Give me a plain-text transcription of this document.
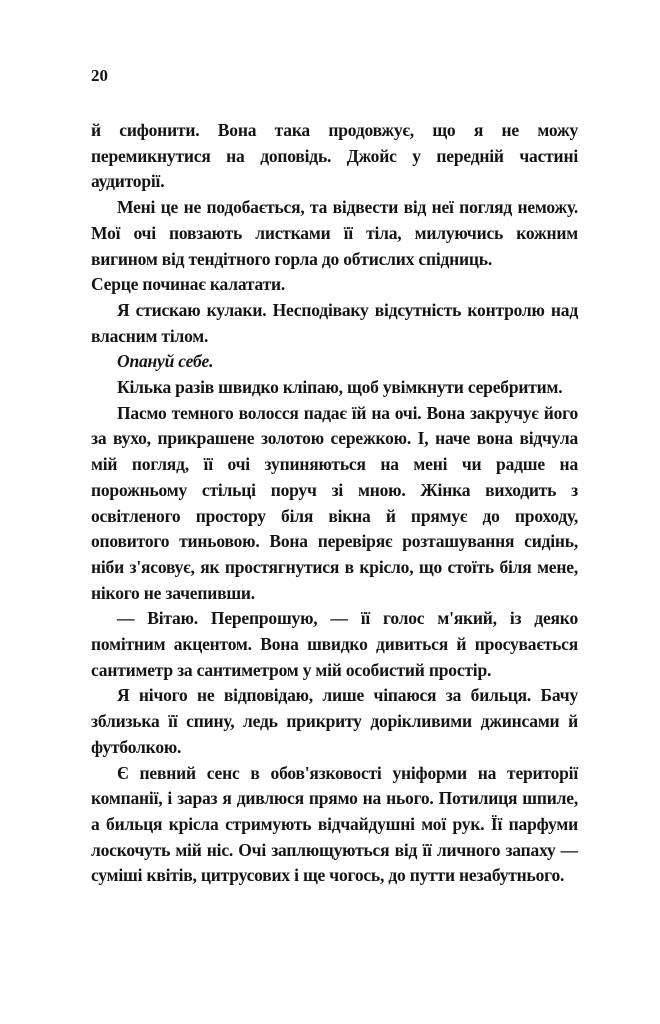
20

й сифонити. Вона така продовжує, що я не можу перемикнутися на доповідь. Джойс у передній частині аудиторії.

Мені це не подобається, та відвести від неї погляд неможу. Мої очі повзають листками її тіла, милуючись кожним вигином від тендітного горла до обтислих спідниць.

Серце починає калатати.

Я стискаю кулаки. Несподіваку відсутність контролю над власним тілом.

Опануй себе.

Кілька разів швидко кліпаю, щоб увімкнути серебритим.

Пасмо темного волосся падає їй на очі. Вона закручує його за вухо, прикрашене золотою сережкою. І, наче вона відчула мій погляд, її очі зупиняються на мені чи радше на порожньому стільці поруч зі мною. Жінка виходить з освітленого простору біля вікна й прямує до проходу, оповитого тиньовою. Вона перевіряє розташування сидінь, ніби з'ясовує, як простягнутися в крісло, що стоїть біля мене, нікого не зачепивши.

— Вітаю. Перепрошую, — її голос м'який, із деяко помітним акцентом. Вона швидко дивиться й просувається сантиметр за сантиметром у мій особистий простір.

Я нічого не відповідаю, лише чіпаюся за бильця. Бачу зблизька її спину, ледь прикриту дорікливими джинсами й футболкою.

Є певний сенс в обов'язковості уніформи на території компанії, і зараз я дивлюся прямо на нього. Потилиця шпиле, а бильця крісла стримують відчайдушні мої рук. Її парфуми лоскочуть мій ніс. Очі заплющуються від її личного запаху — суміші квітів, цитрусових і ще чогось, до путти незабутнього.
